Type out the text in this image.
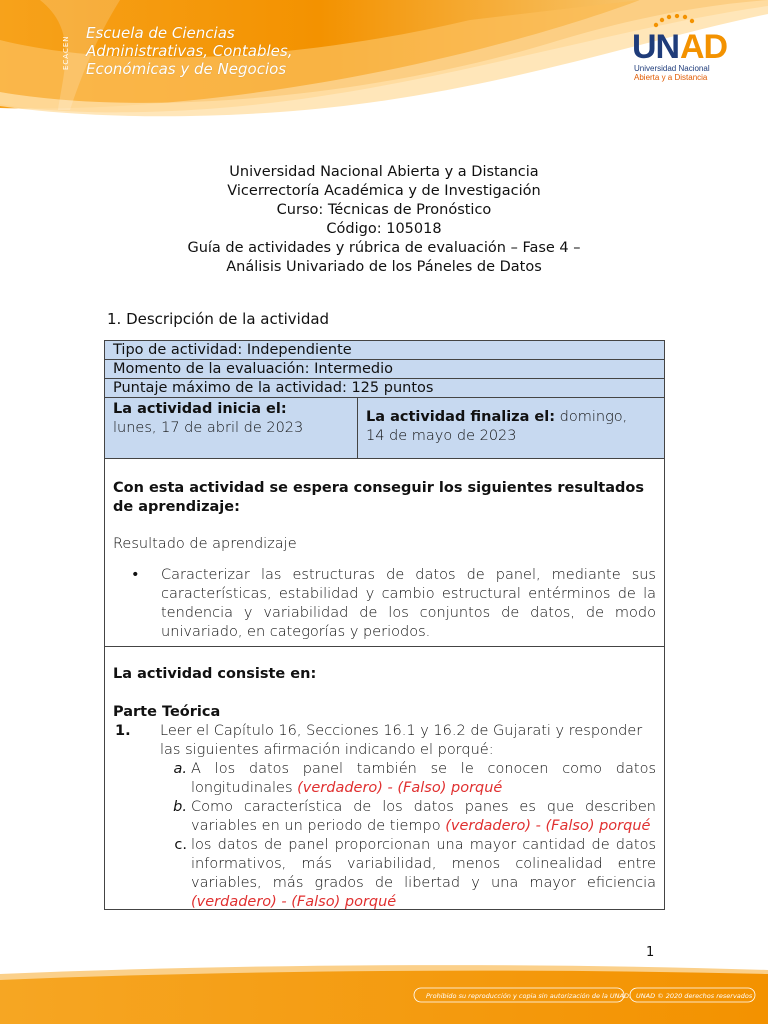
ECACEN
Escuela de Ciencias
Administrativas, Contables,
Económicas y de Negocios
UN AD
Universidad Nacional
Abierta y a Distancia
Universidad Nacional Abierta y a Distancia
Vicerrectoría Académica y de Investigación
Curso: Técnicas de Pronóstico
Código: 105018
Guía de actividades y rúbrica de evaluación – Fase 4 –
Análisis Univariado de los Páneles de Datos
1. Descripción de la actividad
Tipo de actividad: Independiente
Momento de la evaluación: Intermedio
Puntaje máximo de la actividad: 125 puntos

La actividad inicia el:
lunes, 17 de abril de 2023

La actividad finaliza el: domingo,
14 de mayo de 2023
Con esta actividad se espera conseguir los siguientes resultados de aprendizaje:
Resultado de aprendizaje
•	Caracterizar las estructuras de datos de panel, mediante sus características, estabilidad y cambio estructural entérminos de la tendencia y variabilidad de los conjuntos de datos, de modo univariado, en categorías y periodos.
La actividad consiste en:
Parte Teórica
1.	Leer el Capítulo 16, Secciones 16.1 y 16.2 de Gujarati y responder las siguientes afirmación indicando el porqué:
a. A los datos panel también se le conocen como datos longitudinales (verdadero) - (Falso) porqué
b. Como característica de los datos panes es que describen variables en un periodo de tiempo (verdadero) - (Falso) porqué
c. los datos de panel proporcionan una mayor cantidad de datos informativos, más variabilidad, menos colinealidad entre variables, más grados de libertad y una mayor eficiencia (verdadero) - (Falso) porqué
1
Prohibido su reproducción y copia sin autorización de la UNAD. UNAD © 2020 derechos reservados
